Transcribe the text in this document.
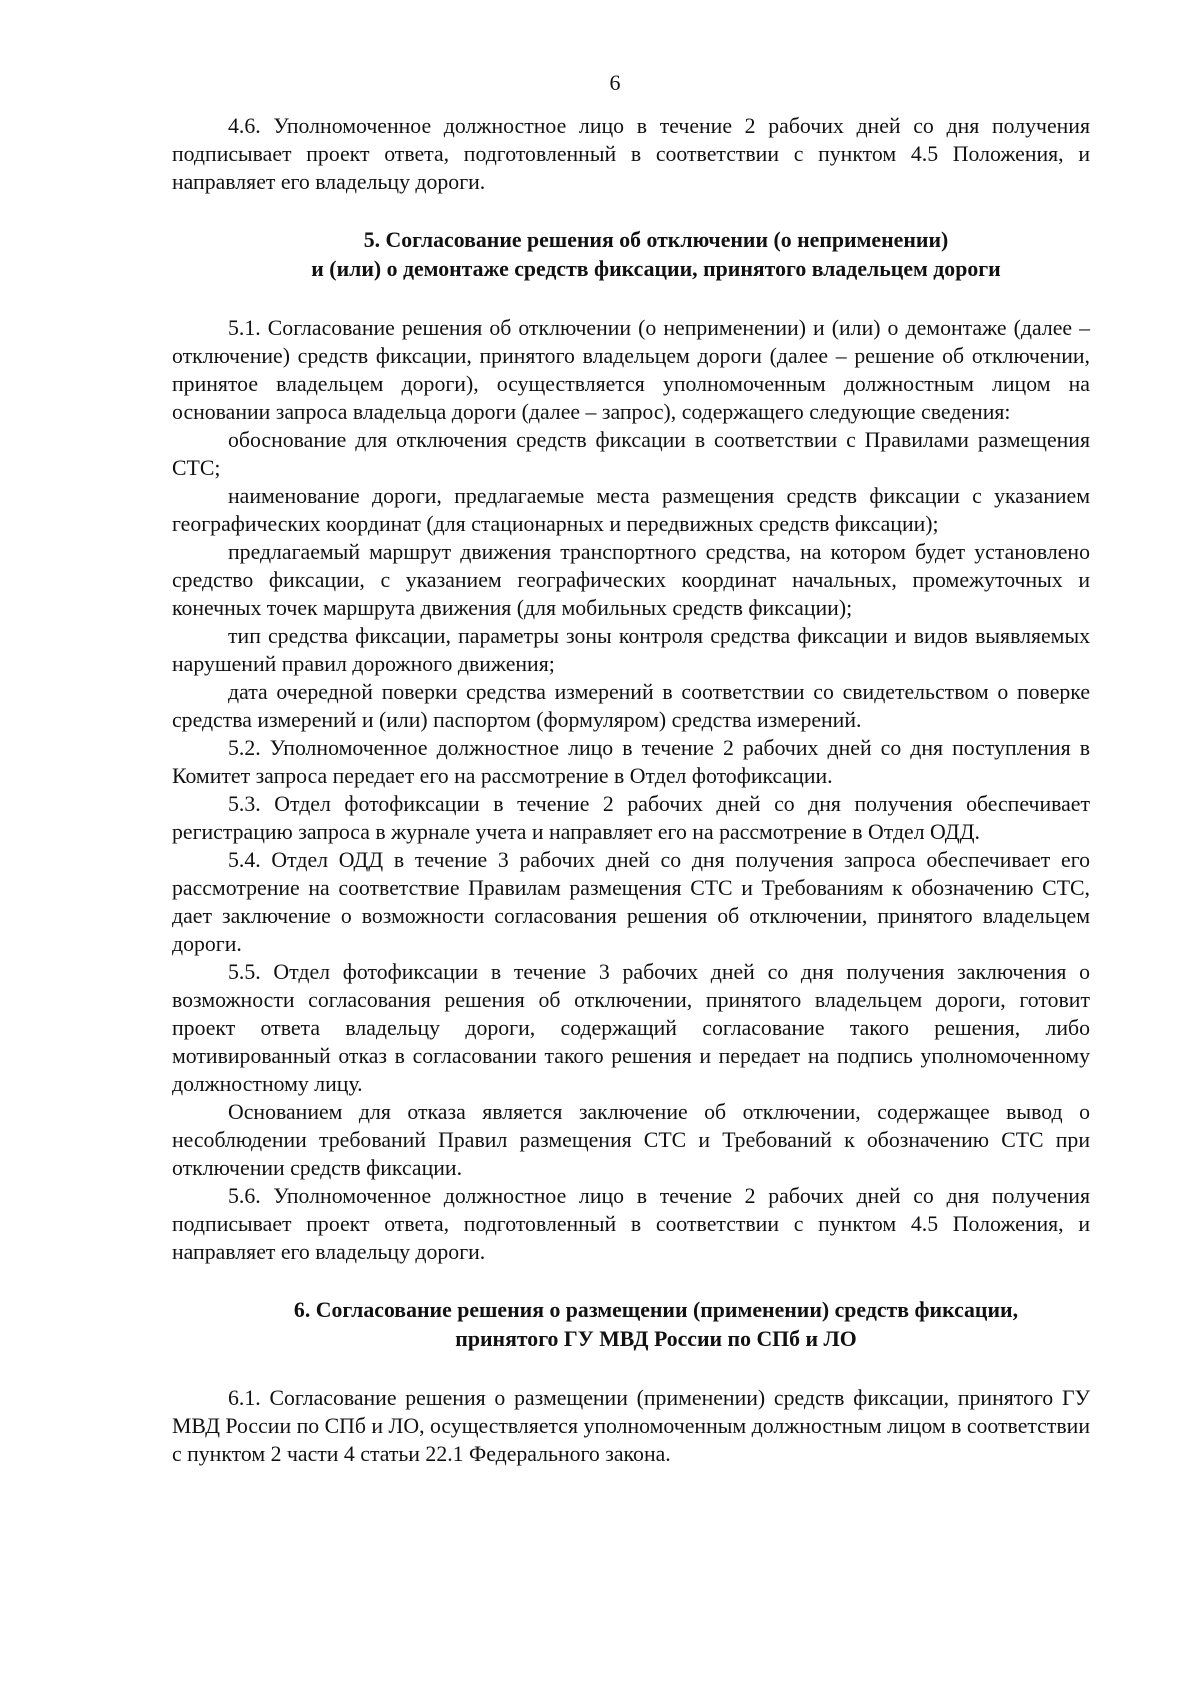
6

4.6. Уполномоченное должностное лицо в течение 2 рабочих дней со дня получения подписывает проект ответа, подготовленный в соответствии с пунктом 4.5 Положения, и направляет его владельцу дороги.

5. Согласование решения об отключении (о неприменении)
и (или) о демонтаже средств фиксации, принятого владельцем дороги

5.1. Согласование решения об отключении (о неприменении) и (или) о демонтаже (далее – отключение) средств фиксации, принятого владельцем дороги (далее – решение об отключении, принятое владельцем дороги), осуществляется уполномоченным должностным лицом на основании запроса владельца дороги (далее – запрос), содержащего следующие сведения:

обоснование для отключения средств фиксации в соответствии с Правилами размещения СТС;

наименование дороги, предлагаемые места размещения средств фиксации с указанием географических координат (для стационарных и передвижных средств фиксации);

предлагаемый маршрут движения транспортного средства, на котором будет установлено средство фиксации, с указанием географических координат начальных, промежуточных и конечных точек маршрута движения (для мобильных средств фиксации);

тип средства фиксации, параметры зоны контроля средства фиксации и видов выявляемых нарушений правил дорожного движения;

дата очередной поверки средства измерений в соответствии со свидетельством о поверке средства измерений и (или) паспортом (формуляром) средства измерений.

5.2. Уполномоченное должностное лицо в течение 2 рабочих дней со дня поступления в Комитет запроса передает его на рассмотрение в Отдел фотофиксации.

5.3. Отдел фотофиксации в течение 2 рабочих дней со дня получения обеспечивает регистрацию запроса в журнале учета и направляет его на рассмотрение в Отдел ОДД.

5.4. Отдел ОДД в течение 3 рабочих дней со дня получения запроса обеспечивает его рассмотрение на соответствие Правилам размещения СТС и Требованиям к обозначению СТС, дает заключение о возможности согласования решения об отключении, принятого владельцем дороги.

5.5. Отдел фотофиксации в течение 3 рабочих дней со дня получения заключения о возможности согласования решения об отключении, принятого владельцем дороги, готовит проект ответа владельцу дороги, содержащий согласование такого решения, либо мотивированный отказ в согласовании такого решения и передает на подпись уполномоченному должностному лицу.

Основанием для отказа является заключение об отключении, содержащее вывод о несоблюдении требований Правил размещения СТС и Требований к обозначению СТС при отключении средств фиксации.

5.6. Уполномоченное должностное лицо в течение 2 рабочих дней со дня получения подписывает проект ответа, подготовленный в соответствии с пунктом 4.5 Положения, и направляет его владельцу дороги.

6. Согласование решения о размещении (применении) средств фиксации,
принятого ГУ МВД России по СПб и ЛО

6.1. Согласование решения о размещении (применении) средств фиксации, принятого ГУ МВД России по СПб и ЛО, осуществляется уполномоченным должностным лицом в соответствии с пунктом 2 части 4 статьи 22.1 Федерального закона.
